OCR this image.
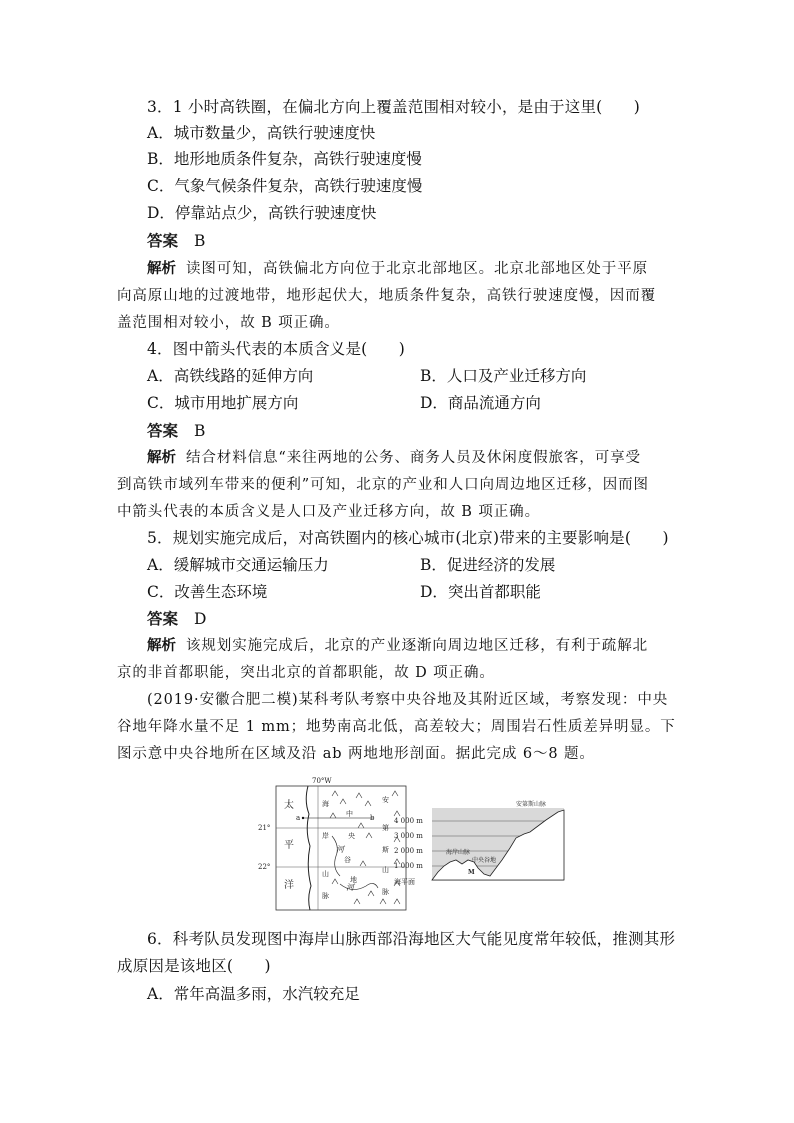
3．1 小时高铁圈，在偏北方向上覆盖范围相对较小，是由于这里(　　)
A．城市数量少，高铁行驶速度快
B．地形地质条件复杂，高铁行驶速度慢
C．气象气候条件复杂，高铁行驶速度慢
D．停靠站点少，高铁行驶速度快
答案 B
解析 读图可知，高铁偏北方向位于北京北部地区。北京北部地区处于平原
向高原山地的过渡地带，地形起伏大，地质条件复杂，高铁行驶速度慢，因而覆
盖范围相对较小，故 B 项正确。
4．图中箭头代表的本质含义是(　　)
A．高铁线路的延伸方向	B．人口及产业迁移方向
C．城市用地扩展方向	D．商品流通方向
答案 B
解析 结合材料信息“来往两地的公务、商务人员及休闲度假旅客，可享受
到高铁市域列车带来的便利”可知，北京的产业和人口向周边地区迁移，因而图
中箭头代表的本质含义是人口及产业迁移方向，故 B 项正确。
5．规划实施完成后，对高铁圈内的核心城市(北京)带来的主要影响是(　　)
A．缓解城市交通运输压力	B．促进经济的发展
C．改善生态环境	D．突出首都职能
答案 D
解析 该规划实施完成后，北京的产业逐渐向周边地区迁移，有利于疏解北
京的非首都职能，突出北京的首都职能，故 D 项正确。
(2019·安徽合肥二模)某科考队考察中央谷地及其附近区域，考察发现：中央
谷地年降水量不足 1 mm；地势南高北低，高差较大；周围岩石性质差异明显。下
图示意中央谷地所在区域及沿 ab 两地地形剖面。据此完成 6～8 题。
70°W
21°
22°
太
平
洋
a
海
岸
山
脉
中
央
谷
地
河
河
安
第
斯
山
脉
b	4 000 m
3 000 m
2 000 m
1 000 m
海平面
海岸山脉
中央谷地
安第斯山脉
M
6．科考队员发现图中海岸山脉西部沿海地区大气能见度常年较低，推测其形
成原因是该地区(　　)
A．常年高温多雨，水汽较充足
